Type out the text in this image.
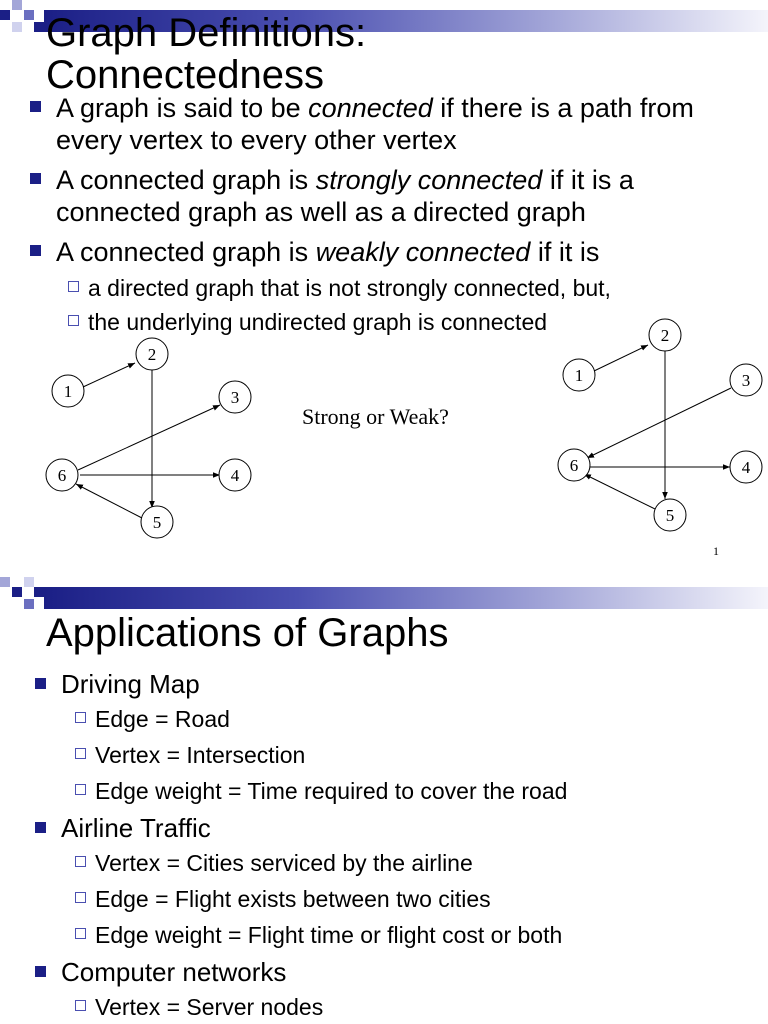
Graph Definitions: Connectedness
A graph is said to be connected if there is a path from every vertex to every other vertex
A connected graph is strongly connected if it is a connected graph as well as a directed graph
A connected graph is weakly connected if it is
a directed graph that is not strongly connected, but,
the underlying undirected graph is connected
1
2
3
4
5
6
Strong or Weak?
1
2
3
4
5
6
1
Applications of Graphs
Driving Map
Edge = Road
Vertex = Intersection
Edge weight = Time required to cover the road
Airline Traffic
Vertex = Cities serviced by the airline
Edge = Flight exists between two cities
Edge weight = Flight time or flight cost or both
Computer networks
Vertex = Server nodes
